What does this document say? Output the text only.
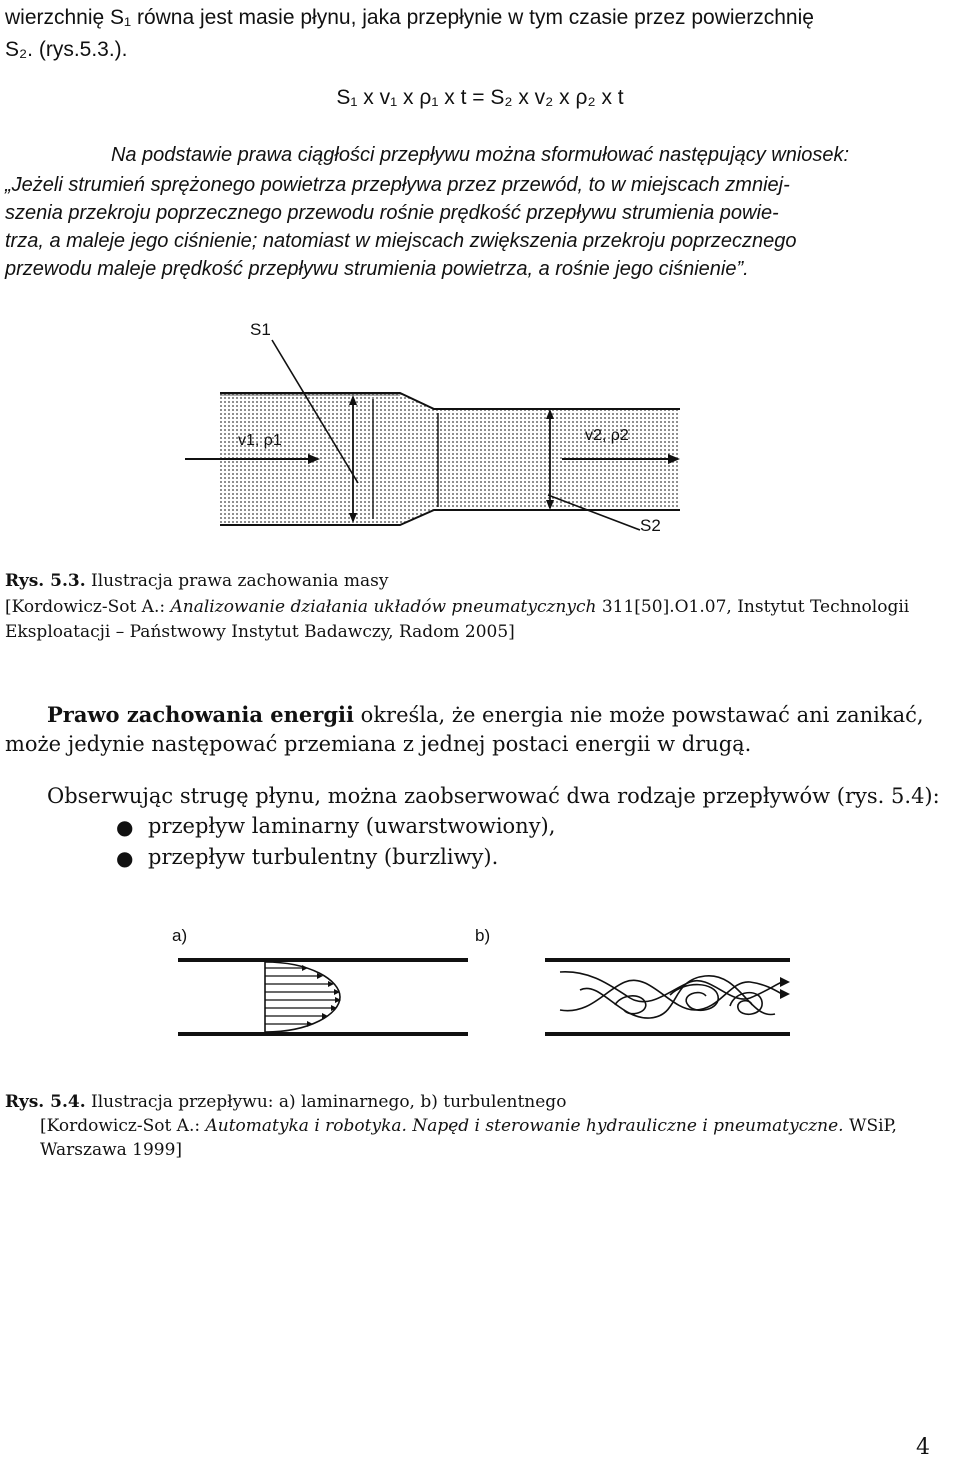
wierzchnię S₁ równa jest masie płynu, jaka przepłynie w tym czasie przez powierzchnię
S₂. (rys.5.3.).
S₁ x v₁ x ρ₁ x t = S₂ x v₂ x ρ₂ x t
Na podstawie prawa ciągłości przepływu można sformułować następujący wniosek:
„Jeżeli strumień sprężonego powietrza przepływa przez przewód, to w miejscach zmniej-
szenia przekroju poprzecznego przewodu rośnie prędkość przepływu strumienia powie-
trza, a maleje jego ciśnienie; natomiast w miejscach zwiększenia przekroju poprzecznego
przewodu maleje prędkość przepływu strumienia powietrza, a rośnie jego ciśnienie”.
S1
S2
v1, ρ1	v2, ρ2
Rys. 5.3. Ilustracja prawa zachowania masy
[Kordowicz-Sot A.: Analizowanie działania układów pneumatycznych 311[50].O1.07, Instytut Technologii
Eksploatacji – Państwowy Instytut Badawczy, Radom 2005]
Prawo zachowania energii określa, że energia nie może powstawać ani zanikać,
może jedynie następować przemiana z jednej postaci energii w drugą.
Obserwując strugę płynu, można zaobserwować dwa rodzaje przepływów (rys. 5.4):
● przepływ laminarny (uwarstwowiony),
● przepływ turbulentny (burzliwy).
a)	b)
Rys. 5.4. Ilustracja przepływu: a) laminarnego, b) turbulentnego
[Kordowicz-Sot A.: Automatyka i robotyka. Napęd i sterowanie hydrauliczne i pneumatyczne. WSiP,
Warszawa 1999]
4
